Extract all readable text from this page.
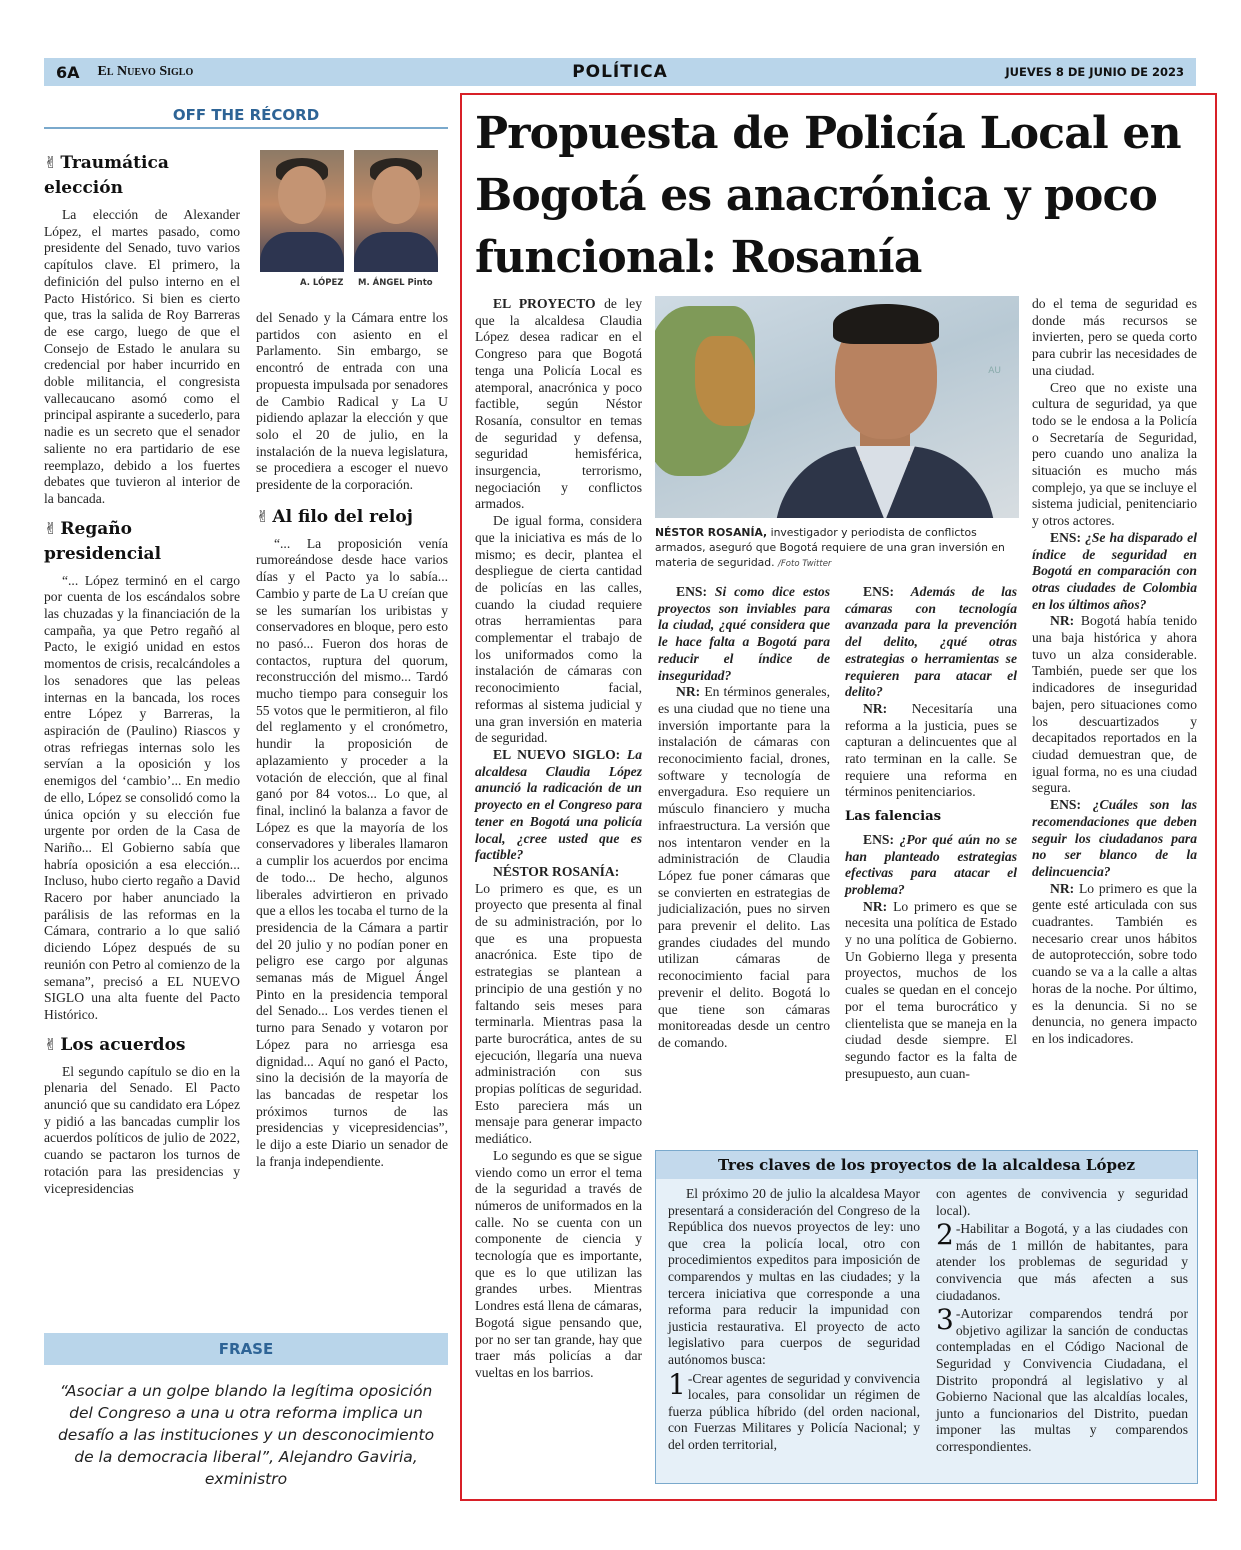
6A El Nuevo Siglo	POLÍTICA	JUEVES 8 DE JUNIO DE 2023
OFF THE RÉCORD
✌ Traumática elección

La elección de Alexander López, el martes pasado, como presidente del Senado, tuvo varios capítulos clave. El primero, la definición del pulso interno en el Pacto Histórico. Si bien es cierto que, tras la salida de Roy Barreras de ese cargo, luego de que el Consejo de Estado le anulara su credencial por haber incurrido en doble militancia, el congresista vallecaucano asomó como el principal aspirante a sucederlo, para nadie es un secreto que el senador saliente no era partidario de ese reemplazo, debido a los fuertes debates que tuvieron al interior de la bancada.

✌ Regaño presidencial

“... López terminó en el cargo por cuenta de los escándalos sobre las chuzadas y la financiación de la campaña, ya que Petro regañó al Pacto, le exigió unidad en estos momentos de crisis, recalcándoles a los senadores que las peleas internas en la bancada, los roces entre López y Barreras, la aspiración de (Paulino) Riascos y otras refriegas internas solo les servían a la oposición y los enemigos del ‘cambio’... En medio de ello, López se consolidó como la única opción y su elección fue urgente por orden de la Casa de Nariño... El Gobierno sabía que habría oposición a esa elección... Incluso, hubo cierto regaño a David Racero por haber anunciado la parálisis de las reformas en la Cámara, contrario a lo que salió diciendo López después de su reunión con Petro al comienzo de la semana”, precisó a EL NUEVO SIGLO una alta fuente del Pacto Histórico.

✌ Los acuerdos

El segundo capítulo se dio en la plenaria del Senado. El Pacto anunció que su candidato era López y pidió a las bancadas cumplir los acuerdos políticos de julio de 2022, cuando se pactaron los turnos de rotación para las presidencias y vicepresidencias

A. LÓPEZ M. ÁNGEL Pinto

del Senado y la Cámara entre los partidos con asiento en el Parlamento. Sin embargo, se encontró de entrada con una propuesta impulsada por senadores de Cambio Radical y La U pidiendo aplazar la elección y que solo el 20 de julio, en la instalación de la nueva legislatura, se procediera a escoger el nuevo presidente de la corporación.

✌ Al filo del reloj

“... La proposición venía rumoreándose desde hace varios días y el Pacto ya lo sabía... Cambio y parte de La U creían que se les sumarían los uribistas y conservadores en bloque, pero esto no pasó... Fueron dos horas de contactos, ruptura del quorum, reconstrucción del mismo... Tardó mucho tiempo para conseguir los 55 votos que le permitieron, al filo del reglamento y el cronómetro, hundir la proposición de aplazamiento y proceder a la votación de elección, que al final ganó por 84 votos... Lo que, al final, inclinó la balanza a favor de López es que la mayoría de los conservadores y liberales llamaron a cumplir los acuerdos por encima de todo... De hecho, algunos liberales advirtieron en privado que a ellos les tocaba el turno de la presidencia de la Cámara a partir del 20 julio y no podían poner en peligro ese cargo por algunas semanas más de Miguel Ángel Pinto en la presidencia temporal del Senado... Los verdes tienen el turno para Senado y votaron por López para no arriesga esa dignidad... Aquí no ganó el Pacto, sino la decisión de la mayoría de las bancadas de respetar los próximos turnos de las presidencias y vicepresidencias”, le dijo a este Diario un senador de la franja independiente.

FRASE
“Asociar a un golpe blando la legítima oposición del Congreso a una u otra reforma implica un desafío a las instituciones y un desconocimiento de la democracia liberal”, Alejandro Gaviria, exministro
Propuesta de Policía Local en Bogotá es anacrónica y poco funcional: Rosanía

EL PROYECTO de ley que la alcaldesa Claudia López desea radicar en el Congreso para que Bogotá tenga una Policía Local es atemporal, anacrónica y poco factible, según Néstor Rosanía, consultor en temas de seguridad y defensa, seguridad hemisférica, insurgencia, terrorismo, negociación y conflictos armados.

De igual forma, considera que la iniciativa es más de lo mismo; es decir, plantea el despliegue de cierta cantidad de policías en las calles, cuando la ciudad requiere otras herramientas para complementar el trabajo de los uniformados como la instalación de cámaras con reconocimiento facial, reformas al sistema judicial y una gran inversión en materia de seguridad.

EL NUEVO SIGLO: La alcaldesa Claudia López anunció la radicación de un proyecto en el Congreso para tener en Bogotá una policía local, ¿cree usted que es factible?

NÉSTOR ROSANÍA:

Lo primero es que, es un proyecto que presenta al final de su administración, por lo que es una propuesta anacrónica. Este tipo de estrategias se plantean a principio de una gestión y no faltando seis meses para terminarla. Mientras pasa la parte burocrática, antes de su ejecución, llegaría una nueva administración con sus propias políticas de seguridad. Esto pareciera más un mensaje para generar impacto mediático.

Lo segundo es que se sigue viendo como un error el tema de la seguridad a través de números de uniformados en la calle. No se cuenta con un componente de ciencia y tecnología que es importante, que es lo que utilizan las grandes urbes. Mientras Londres está llena de cámaras, Bogotá sigue pensando que, por no ser tan grande, hay que traer más policías a dar vueltas en los barrios.

AU
NÉSTOR ROSANÍA, investigador y periodista de conflictos armados, aseguró que Bogotá requiere de una gran inversión en materia de seguridad. /Foto Twitter

ENS: Si como dice estos proyectos son inviables para la ciudad, ¿qué considera que le hace falta a Bogotá para reducir el índice de inseguridad?

NR: En términos generales, es una ciudad que no tiene una inversión importante para la instalación de cámaras con reconocimiento facial, drones, software y tecnología de envergadura. Eso requiere un músculo financiero y mucha infraestructura. La versión que nos intentaron vender en la administración de Claudia López fue poner cámaras que se convierten en estrategias de judicialización, pues no sirven para prevenir el delito. Las grandes ciudades del mundo utilizan cámaras de reconocimiento facial para prevenir el delito. Bogotá lo que tiene son cámaras monitoreadas desde un centro de comando.

ENS: Además de las cámaras con tecnología avanzada para la prevención del delito, ¿qué otras estrategias o herramientas se requieren para atacar el delito?

NR: Necesitaría una reforma a la justicia, pues se capturan a delincuentes que al rato terminan en la calle. Se requiere una reforma en términos penitenciarios.

Las falencias

ENS: ¿Por qué aún no se han planteado estrategias efectivas para atacar el problema?

NR: Lo primero es que se necesita una política de Estado y no una política de Gobierno. Un Gobierno llega y presenta proyectos, muchos de los cuales se quedan en el concejo por el tema burocrático y clientelista que se maneja en la ciudad desde siempre. El segundo factor es la falta de presupuesto, aun cuan-

do el tema de seguridad es donde más recursos se invierten, pero se queda corto para cubrir las necesidades de una ciudad.

Creo que no existe una cultura de seguridad, ya que todo se le endosa a la Policía o Secretaría de Seguridad, pero cuando uno analiza la situación es mucho más complejo, ya que se incluye el sistema judicial, penitenciario y otros actores.

ENS: ¿Se ha disparado el índice de seguridad en Bogotá en comparación con otras ciudades de Colombia en los últimos años?

NR: Bogotá había tenido una baja histórica y ahora tuvo un alza considerable. También, puede ser que los indicadores de inseguridad bajen, pero situaciones como los descuartizados y decapitados reportados en la ciudad demuestran que, de igual forma, no es una ciudad segura.

ENS: ¿Cuáles son las recomendaciones que deben seguir los ciudadanos para no ser blanco de la delincuencia?

NR: Lo primero es que la gente esté articulada con sus cuadrantes. También es necesario crear unos hábitos de autoprotección, sobre todo cuando se va a la calle a altas horas de la noche. Por último, es la denuncia. Si no se denuncia, no genera impacto en los indicadores.

Tres claves de los proyectos de la alcaldesa López

El próximo 20 de julio la alcaldesa Mayor presentará a consideración del Congreso de la República dos nuevos proyectos de ley: uno que crea la policía local, otro con procedimientos expeditos para imposición de comparendos y multas en las ciudades; y la tercera iniciativa que corresponde a una reforma para reducir la impunidad con justicia restaurativa. El proyecto de acto legislativo para cuerpos de seguridad autónomos busca:

1 -Crear agentes de seguridad y convivencia locales, para consolidar un régimen de fuerza pública híbrido (del orden nacional, con Fuerzas Militares y Policía Nacional; y del orden territorial,
con agentes de convivencia y seguridad local).
2 -Habilitar a Bogotá, y a las ciudades con más de 1 millón de habitantes, para atender los problemas de seguridad y convivencia que más afecten a sus ciudadanos.
3 -Autorizar comparendos tendrá por objetivo agilizar la sanción de conductas contempladas en el Código Nacional de Seguridad y Convivencia Ciudadana, el Distrito propondrá al legislativo y al Gobierno Nacional que las alcaldías locales, junto a funcionarios del Distrito, puedan imponer las multas y comparendos correspondientes.
